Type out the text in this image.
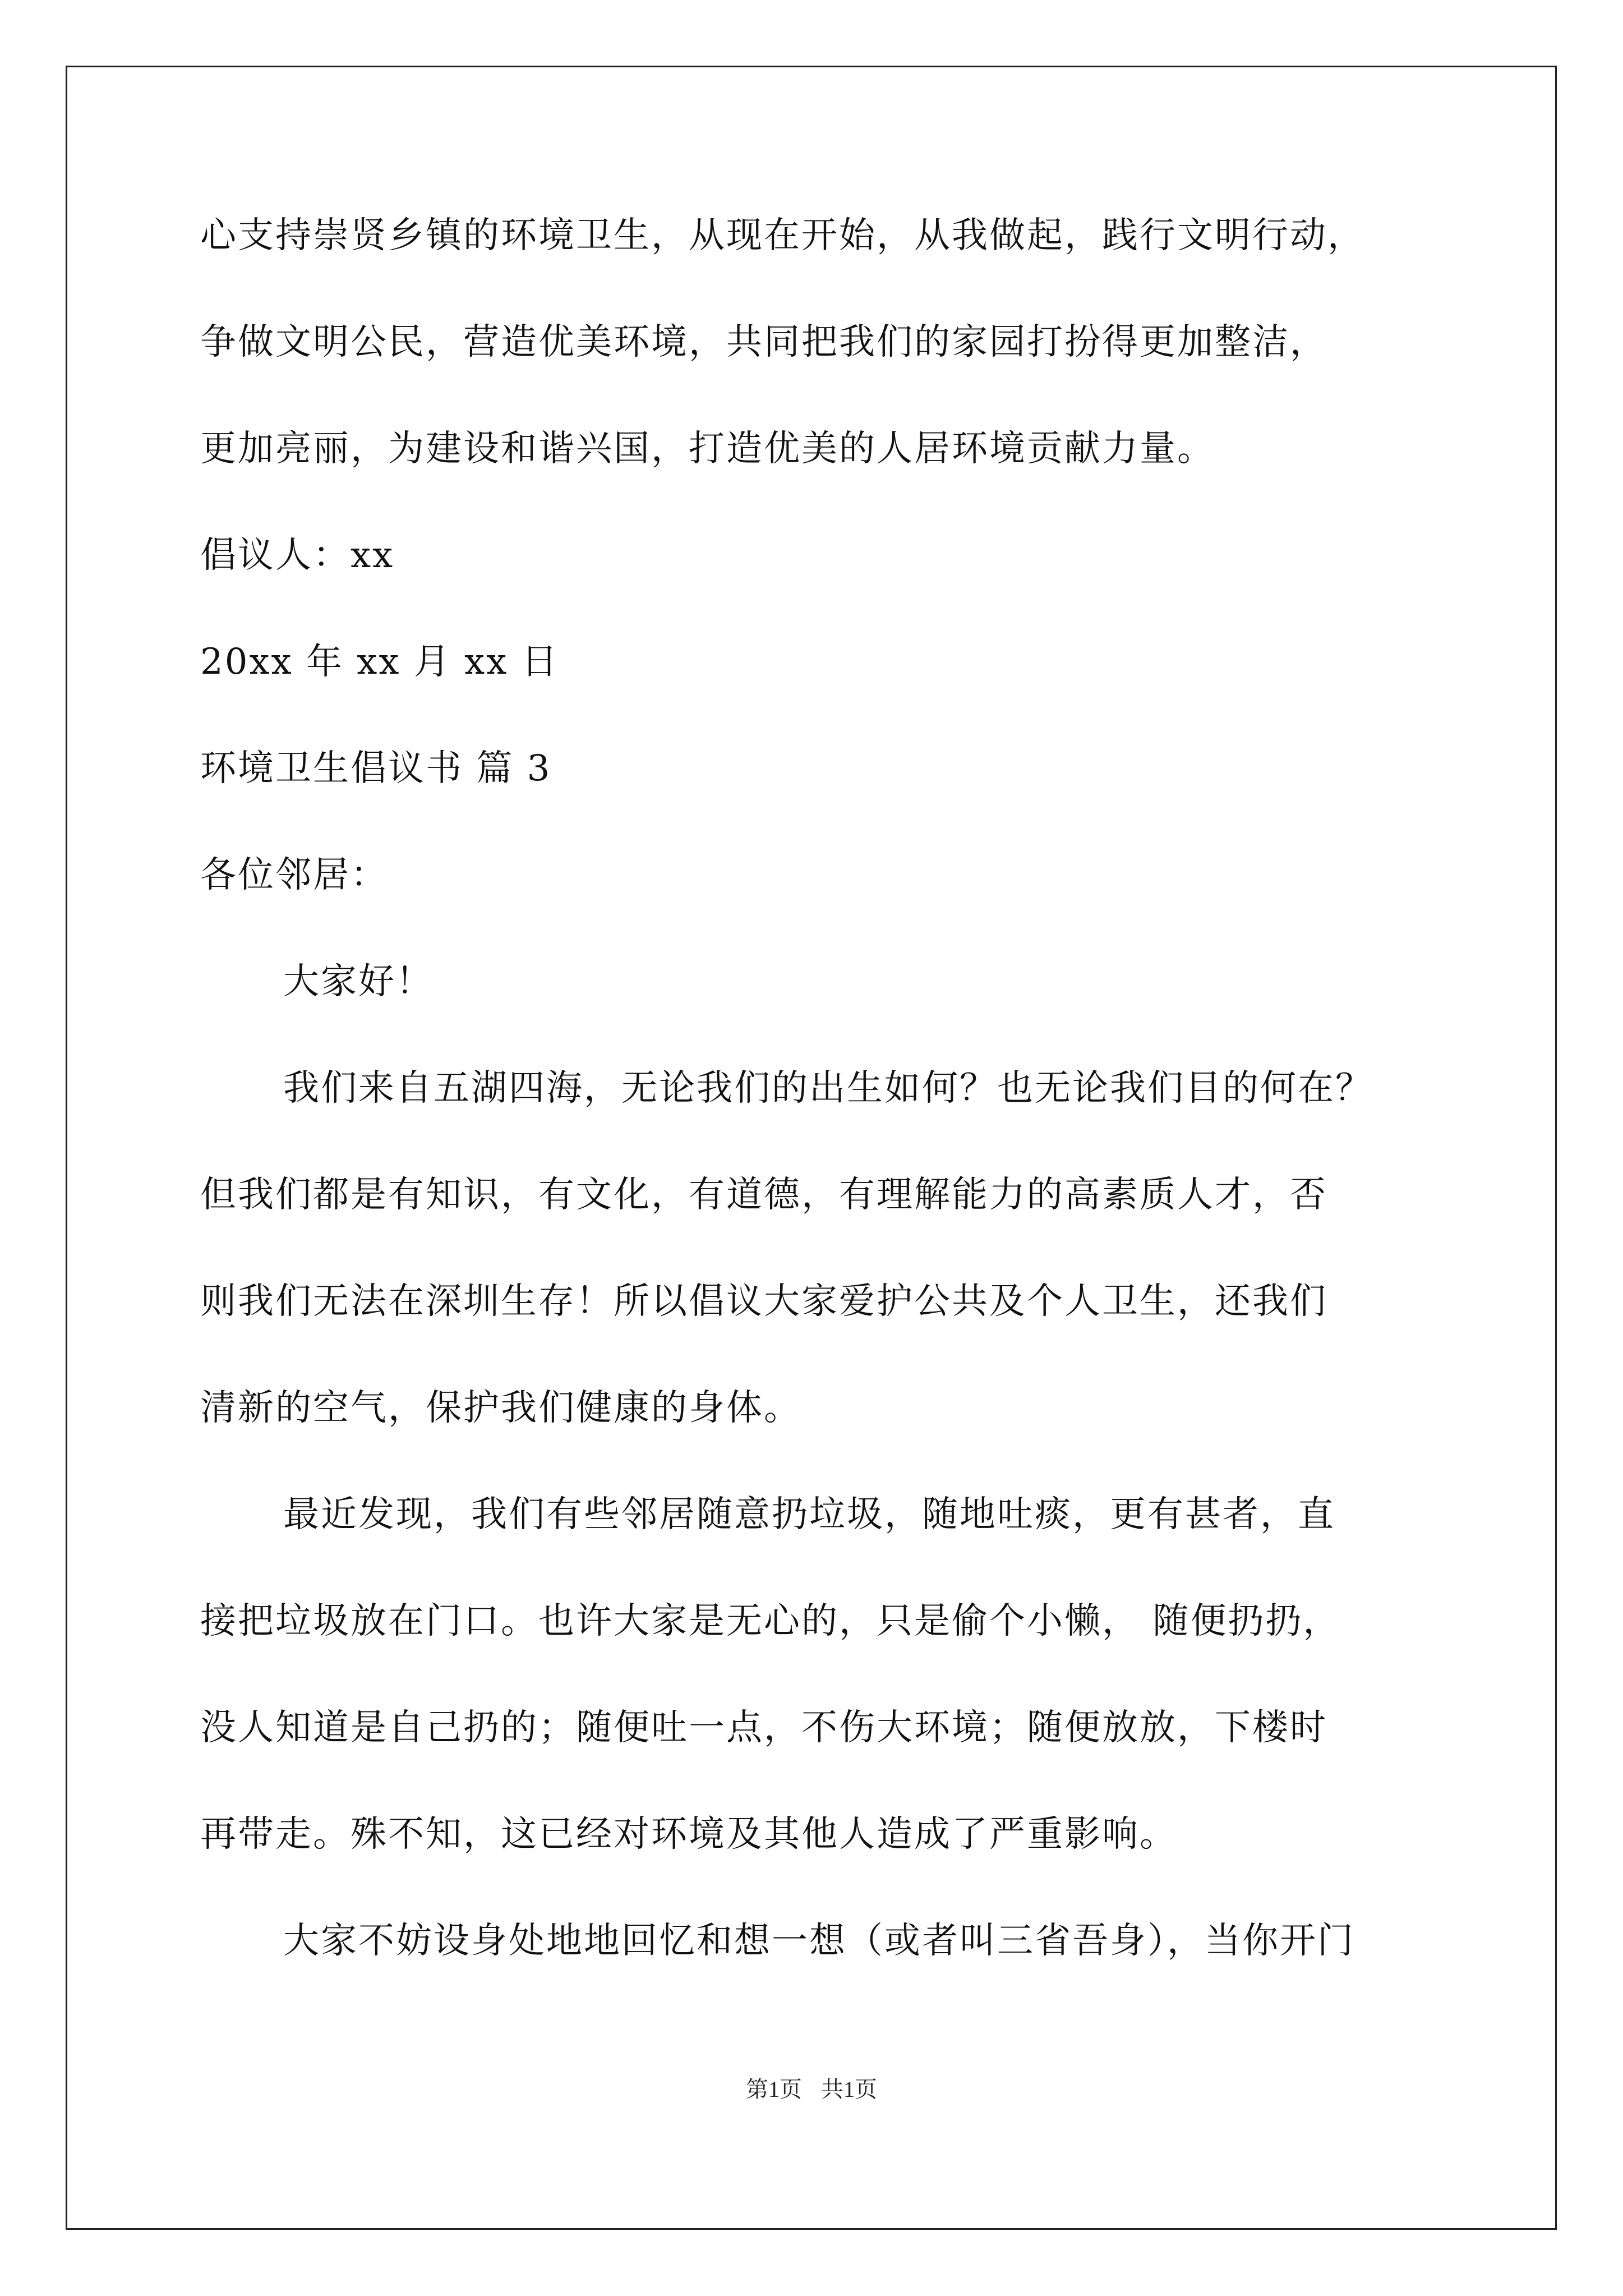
心支持崇贤乡镇的环境卫生，从现在开始，从我做起，践行文明行动，
争做文明公民，营造优美环境，共同把我们的家园打扮得更加整洁，
更加亮丽，为建设和谐兴国，打造优美的人居环境贡献力量。
倡议人：xx
20xx 年 xx 月 xx 日
环境卫生倡议书 篇 3
各位邻居：
大家好！
我们来自五湖四海，无论我们的出生如何？也无论我们目的何在？
但我们都是有知识，有文化，有道德，有理解能力的高素质人才，否
则我们无法在深圳生存！所以倡议大家爱护公共及个人卫生，还我们
清新的空气，保护我们健康的身体。
最近发现，我们有些邻居随意扔垃圾，随地吐痰，更有甚者，直
接把垃圾放在门口。也许大家是无心的，只是偷个小懒， 随便扔扔，
没人知道是自己扔的；随便吐一点，不伤大环境；随便放放，下楼时
再带走。殊不知，这已经对环境及其他人造成了严重影响。
大家不妨设身处地地回忆和想一想（或者叫三省吾身），当你开门
第1页 共1页
